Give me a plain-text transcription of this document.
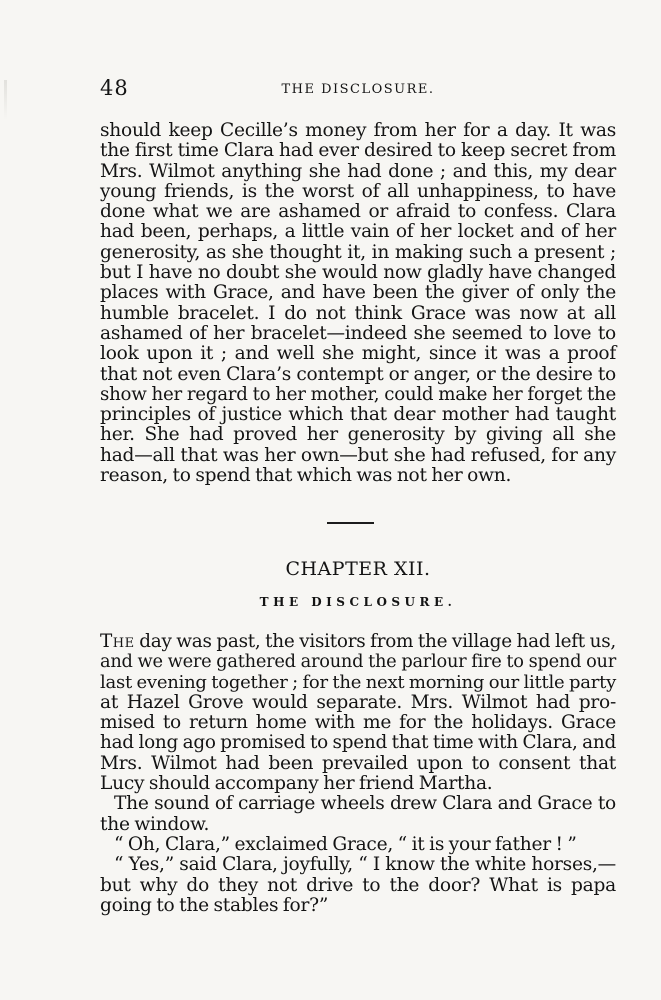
48	THE DISCLOSURE.
should keep Cecille’s money from her for a day. It was
the first time Clara had ever desired to keep secret from
Mrs. Wilmot anything she had done ; and this, my dear
young friends, is the worst of all unhappiness, to have
done what we are ashamed or afraid to confess. Clara
had been, perhaps, a little vain of her locket and of her
generosity, as she thought it, in making such a present ;
but I have no doubt she would now gladly have changed
places with Grace, and have been the giver of only the
humble bracelet. I do not think Grace was now at all
ashamed of her bracelet—indeed she seemed to love to
look upon it ; and well she might, since it was a proof
that not even Clara’s contempt or anger, or the desire to
show her regard to her mother, could make her forget the
principles of justice which that dear mother had taught
her. She had proved her generosity by giving all she
had—all that was her own—but she had refused, for any
reason, to spend that which was not her own.
CHAPTER XII.
THE DISCLOSURE.
The day was past, the visitors from the village had left us,
and we were gathered around the parlour fire to spend our
last evening together ; for the next morning our little party
at Hazel Grove would separate. Mrs. Wilmot had pro-
mised to return home with me for the holidays. Grace
had long ago promised to spend that time with Clara, and
Mrs. Wilmot had been prevailed upon to consent that
Lucy should accompany her friend Martha.
The sound of carriage wheels drew Clara and Grace to
the window.
“ Oh, Clara,” exclaimed Grace, “ it is your father ! ”
“ Yes,” said Clara, joyfully, “ I know the white horses,—
but why do they not drive to the door? What is papa
going to the stables for?”
